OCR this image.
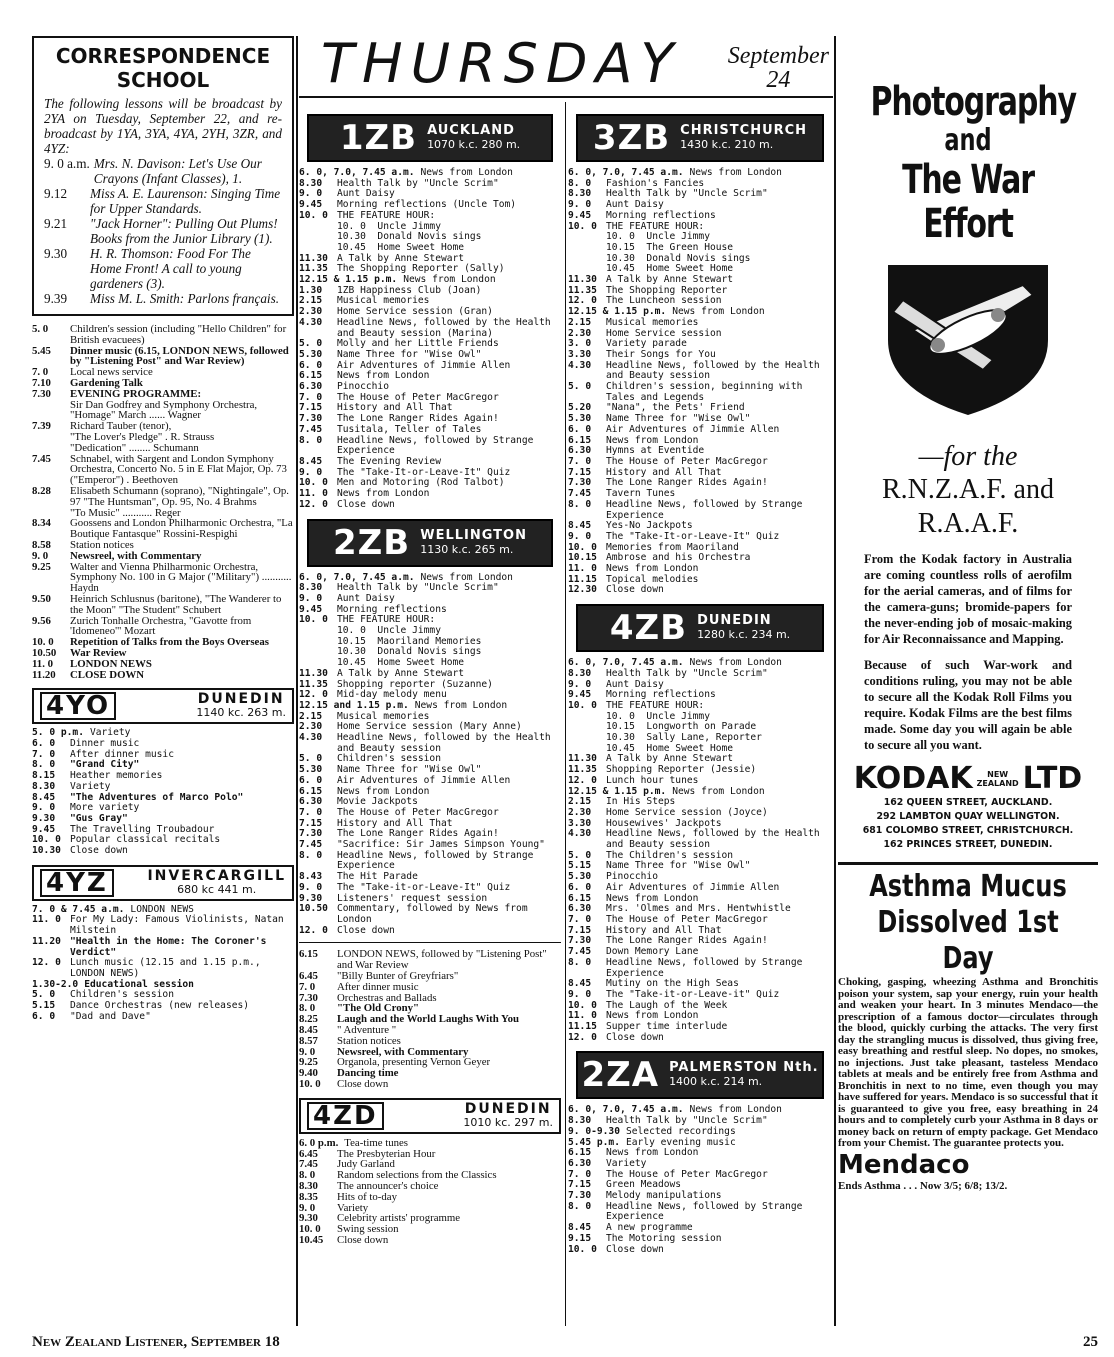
CORRESPONDENCE
SCHOOL
The following lessons will be broadcast by 2YA on Tuesday, September 22, and re-broadcast by 1YA, 3YA, 4YA, 2YH, 3ZR, and 4YZ:
9. 0 a.m. Mrs. N. Davison: Let's Use Our Crayons (Infant Classes), 1.
9.12	Miss A. E. Laurenson: Singing Time for Upper Standards.
9.21	"Jack Horner": Pulling Out Plums! Books from the Junior Library (1).
9.30	H. R. Thomson: Food For The Home Front! A call to young gardeners (3).
9.39	Miss M. L. Smith: Parlons français.
5. 0	Children's session (including "Hello Children" for British evacuees)
5.45	Dinner music (6.15, LONDON NEWS, followed by "Listening Post" and War Review)
7. 0	Local news service
7.10	Gardening Talk
7.30	EVENING PROGRAMME:
Sir Dan Godfrey and Symphony Orchestra,
"Homage" March ...... Wagner
7.39	Richard Tauber (tenor),
"The Lover's Pledge" . R. Strauss
"Dedication" ........ Schumann
7.45	Schnabel, with Sargent and London Symphony Orchestra, Concerto No. 5 in E Flat Major, Op. 73 ("Emperor") . Beethoven
8.28	Elisabeth Schumann (soprano), "Nightingale", Op. 97 "The Huntsman", Op. 95, No. 4 Brahms
"To Music" ........... Reger
8.34	Goossens and London Philharmonic Orchestra, "La Boutique Fantasque" Rossini-Respighi
8.58	Station notices
9. 0	Newsreel, with Commentary
9.25	Walter and Vienna Philharmonic Orchestra, Symphony No. 100 in G Major ("Military") ........... Haydn
9.50	Heinrich Schlusnus (baritone), "The Wanderer to the Moon" "The Student" Schubert
9.56	Zurich Tonhalle Orchestra, "Gavotte from 'Idomeneo'" Mozart
10. 0	Repetition of Talks from the Boys Overseas
10.50	War Review
11. 0	LONDON NEWS
11.20	CLOSE DOWN
4YO	DUNEDIN
1140 kc. 263 m.
5. 0 p.m. Variety
6. 0	Dinner music
7. 0	After dinner music
8. 0	"Grand City"
8.15	Heather memories
8.30	Variety
8.45	"The Adventures of Marco Polo"
9. 0	More variety
9.30	"Gus Gray"
9.45	The Travelling Troubadour
10. 0 Popular classical recitals
10.30 Close down
4YZ	INVERCARGILL
680 kc 441 m.
7. 0 & 7.45 a.m. LONDON NEWS
11. 0 For My Lady: Famous Violinists, Natan Milstein
11.20 "Health in the Home: The Coroner's Verdict"
12. 0 Lunch music (12.15 and 1.15 p.m., LONDON NEWS)
1.30-2.0 Educational session
5. 0	Children's session
5.15	Dance Orchestras (new releases)
6. 0	"Dad and Dave"
THURSDAY September
24
1ZB AUCKLAND
1070 k.c. 280 m.
6. 0, 7.0, 7.45 a.m. News from London
8.30	Health Talk by "Uncle Scrim"
9. 0	Aunt Daisy
9.45	Morning reflections (Uncle Tom)
10. 0 THE FEATURE HOUR:
10. 0  Uncle Jimmy
10.30  Donald Novis sings
10.45  Home Sweet Home
11.30 A Talk by Anne Stewart
11.35 The Shopping Reporter (Sally)
12.15 & 1.15 p.m. News from London
1.30	1ZB Happiness Club (Joan)
2.15	Musical memories
2.30	Home Service session (Gran)
4.30	Headline News, followed by the Health and Beauty session (Marina)
5. 0	Molly and her Little Friends
5.30	Name Three for "Wise Owl"
6. 0	Air Adventures of Jimmie Allen
6.15	News from London
6.30	Pinocchio
7. 0	The House of Peter MacGregor
7.15	History and All That
7.30	The Lone Ranger Rides Again!
7.45	Tusitala, Teller of Tales
8. 0	Headline News, followed by Strange Experience
8.45	The Evening Review
9. 0	The "Take-It-or-Leave-It" Quiz
10. 0 Men and Motoring (Rod Talbot)
11. 0 News from London
12. 0 Close down
2ZB WELLINGTON
1130 k.c. 265 m.
6. 0, 7.0, 7.45 a.m. News from London
8.30	Health Talk by "Uncle Scrim"
9. 0	Aunt Daisy
9.45	Morning reflections
10. 0 THE FEATURE HOUR:
10. 0  Uncle Jimmy
10.15  Maoriland Memories
10.30  Donald Novis sings
10.45  Home Sweet Home
11.30 A Talk by Anne Stewart
11.35 Shopping reporter (Suzanne)
12. 0 Mid-day melody menu
12.15 and 1.15 p.m. News from London
2.15	Musical memories
2.30	Home Service session (Mary Anne)
4.30	Headline News, followed by the Health and Beauty session
5. 0	Children's session
5.30	Name Three for "Wise Owl"
6. 0	Air Adventures of Jimmie Allen
6.15	News from London
6.30	Movie Jackpots
7. 0	The House of Peter MacGregor
7.15	History and All That
7.30	The Lone Ranger Rides Again!
7.45	"Sacrifice: Sir James Simpson Young"
8. 0	Headline News, followed by Strange Experience
8.43	The Hit Parade
9. 0	The "Take-it-or-Leave-It" Quiz
9.30	Listeners' request session
10.50 Commentary, followed by News from London
12. 0 Close down
6.15	LONDON NEWS, followed by "Listening Post" and War Review
6.45	"Billy Bunter of Greyfriars"
7. 0	After dinner music
7.30	Orchestras and Ballads
8. 0	"The Old Crony"
8.25	Laugh and the World Laughs With You
8.45	" Adventure "
8.57	Station notices
9. 0	Newsreel, with Commentary
9.25	Organola, presenting Vernon Geyer
9.40	Dancing time
10. 0	Close down
4ZD	DUNEDIN
1010 kc. 297 m.
6. 0 p.m. Tea-time tunes
6.45	The Presbyterian Hour
7.45	Judy Garland
8. 0	Random selections from the Classics
8.30	The announcer's choice
8.35	Hits of to-day
9. 0	Variety
9.30	Celebrity artists' programme
10. 0	Swing session
10.45	Close down
3ZB CHRISTCHURCH
1430 k.c. 210 m.
6. 0, 7.0, 7.45 a.m. News from London
8. 0	Fashion's Fancies
8.30	Health Talk by "Uncle Scrim"
9. 0	Aunt Daisy
9.45	Morning reflections
10. 0 THE FEATURE HOUR:
10. 0  Uncle Jimmy
10.15  The Green House
10.30  Donald Novis sings
10.45  Home Sweet Home
11.30 A Talk by Anne Stewart
11.35 The Shopping Reporter
12. 0 The Luncheon session
12.15 & 1.15 p.m. News from London
2.15	Musical memories
2.30	Home Service session
3. 0	Variety parade
3.30	Their Songs for You
4.30	Headline News, followed by the Health and Beauty session
5. 0	Children's session, beginning with Tales and Legends
5.20	"Nana", the Pets' Friend
5.30	Name Three for "Wise Owl"
6. 0	Air Adventures of Jimmie Allen
6.15	News from London
6.30	Hymns at Eventide
7. 0	The House of Peter MacGregor
7.15	History and All That
7.30	The Lone Ranger Rides Again!
7.45	Tavern Tunes
8. 0	Headline News, followed by Strange Experience
8.45	Yes-No Jackpots
9. 0	The "Take-It-or-Leave-It" Quiz
10. 0 Memories from Maoriland
10.15 Ambrose and his Orchestra
11. 0 News from London
11.15 Topical melodies
12.30 Close down
4ZB DUNEDIN
1280 k.c. 234 m.
6. 0, 7.0, 7.45 a.m. News from London
8.30	Health Talk by "Uncle Scrim"
9. 0	Aunt Daisy
9.45	Morning reflections
10. 0 THE FEATURE HOUR:
10. 0  Uncle Jimmy
10.15  Longworth on Parade
10.30  Sally Lane, Reporter
10.45  Home Sweet Home
11.30 A Talk by Anne Stewart
11.35 Shopping Reporter (Jessie)
12. 0 Lunch hour tunes
12.15 & 1.15 p.m. News from London
2.15	In His Steps
2.30	Home Service session (Joyce)
3.30	Housewives' Jackpots
4.30	Headline News, followed by the Health and Beauty session
5. 0	The Children's session
5.15	Name Three for "Wise Owl"
5.30	Pinocchio
6. 0	Air Adventures of Jimmie Allen
6.15	News from London
6.30	Mrs. 'Olmes and Mrs. Hentwhistle
7. 0	The House of Peter MacGregor
7.15	History and All That
7.30	The Lone Ranger Rides Again!
7.45	Down Memory Lane
8. 0	Headline News, followed by Strange Experience
8.45	Mutiny on the High Seas
9. 0	The "Take-it-or-Leave-it" Quiz
10. 0 The Laugh of the Week
11. 0 News from London
11.15 Supper time interlude
12. 0 Close down
2ZA PALMERSTON Nth.
1400 k.c. 214 m.
6. 0, 7.0, 7.45 a.m. News from London
8.30	Health Talk by "Uncle Scrim"
9. 0-9.30 Selected recordings
5.45 p.m. Early evening music
6.15	News from London
6.30	Variety
7. 0	The House of Peter MacGregor
7.15	Green Meadows
7.30	Melody manipulations
8. 0	Headline News, followed by Strange Experience
8.45	A new programme
9.15	The Motoring session
10. 0 Close down
Photography
and
The War Effort
—for the
R.N.Z.A.F. and
R.A.A.F.
From the Kodak factory in Australia are coming countless rolls of aerofilm for the aerial cameras, and of films for the camera-guns; bromide-papers for the never-ending job of mosaic-making for Air Reconnaissance and Mapping.
Because of such War-work and conditions ruling, you may not be able to secure all the Kodak Roll Films you require. Kodak Films are the best films made. Some day you will again be able to secure all you want.
KODAK	NEW
ZEALAND LTD
162 QUEEN STREET, AUCKLAND.
292 LAMBTON QUAY WELLINGTON.
681 COLOMBO STREET, CHRISTCHURCH.
162 PRINCES STREET, DUNEDIN.
Asthma Mucus
Dissolved 1st Day
Choking, gasping, wheezing Asthma and Bronchitis poison your system, sap your energy, ruin your health and weaken your heart. In 3 minutes Mendaco—the prescription of a famous doctor—circulates through the blood, quickly curbing the attacks. The very first day the strangling mucus is dissolved, thus giving free, easy breathing and restful sleep. No dopes, no smokes, no injections. Just take pleasant, tasteless Mendaco tablets at meals and be entirely free from Asthma and Bronchitis in next to no time, even though you may have suffered for years. Mendaco is so successful that it is guaranteed to give you free, easy breathing in 24 hours and to completely curb your Asthma in 8 days or money back on return of empty package. Get Mendaco from your Chemist. The guarantee protects you.
Mendaco
Ends Asthma . . . Now 3/5; 6/8; 13/2.
New Zealand Listener, September 18	25
